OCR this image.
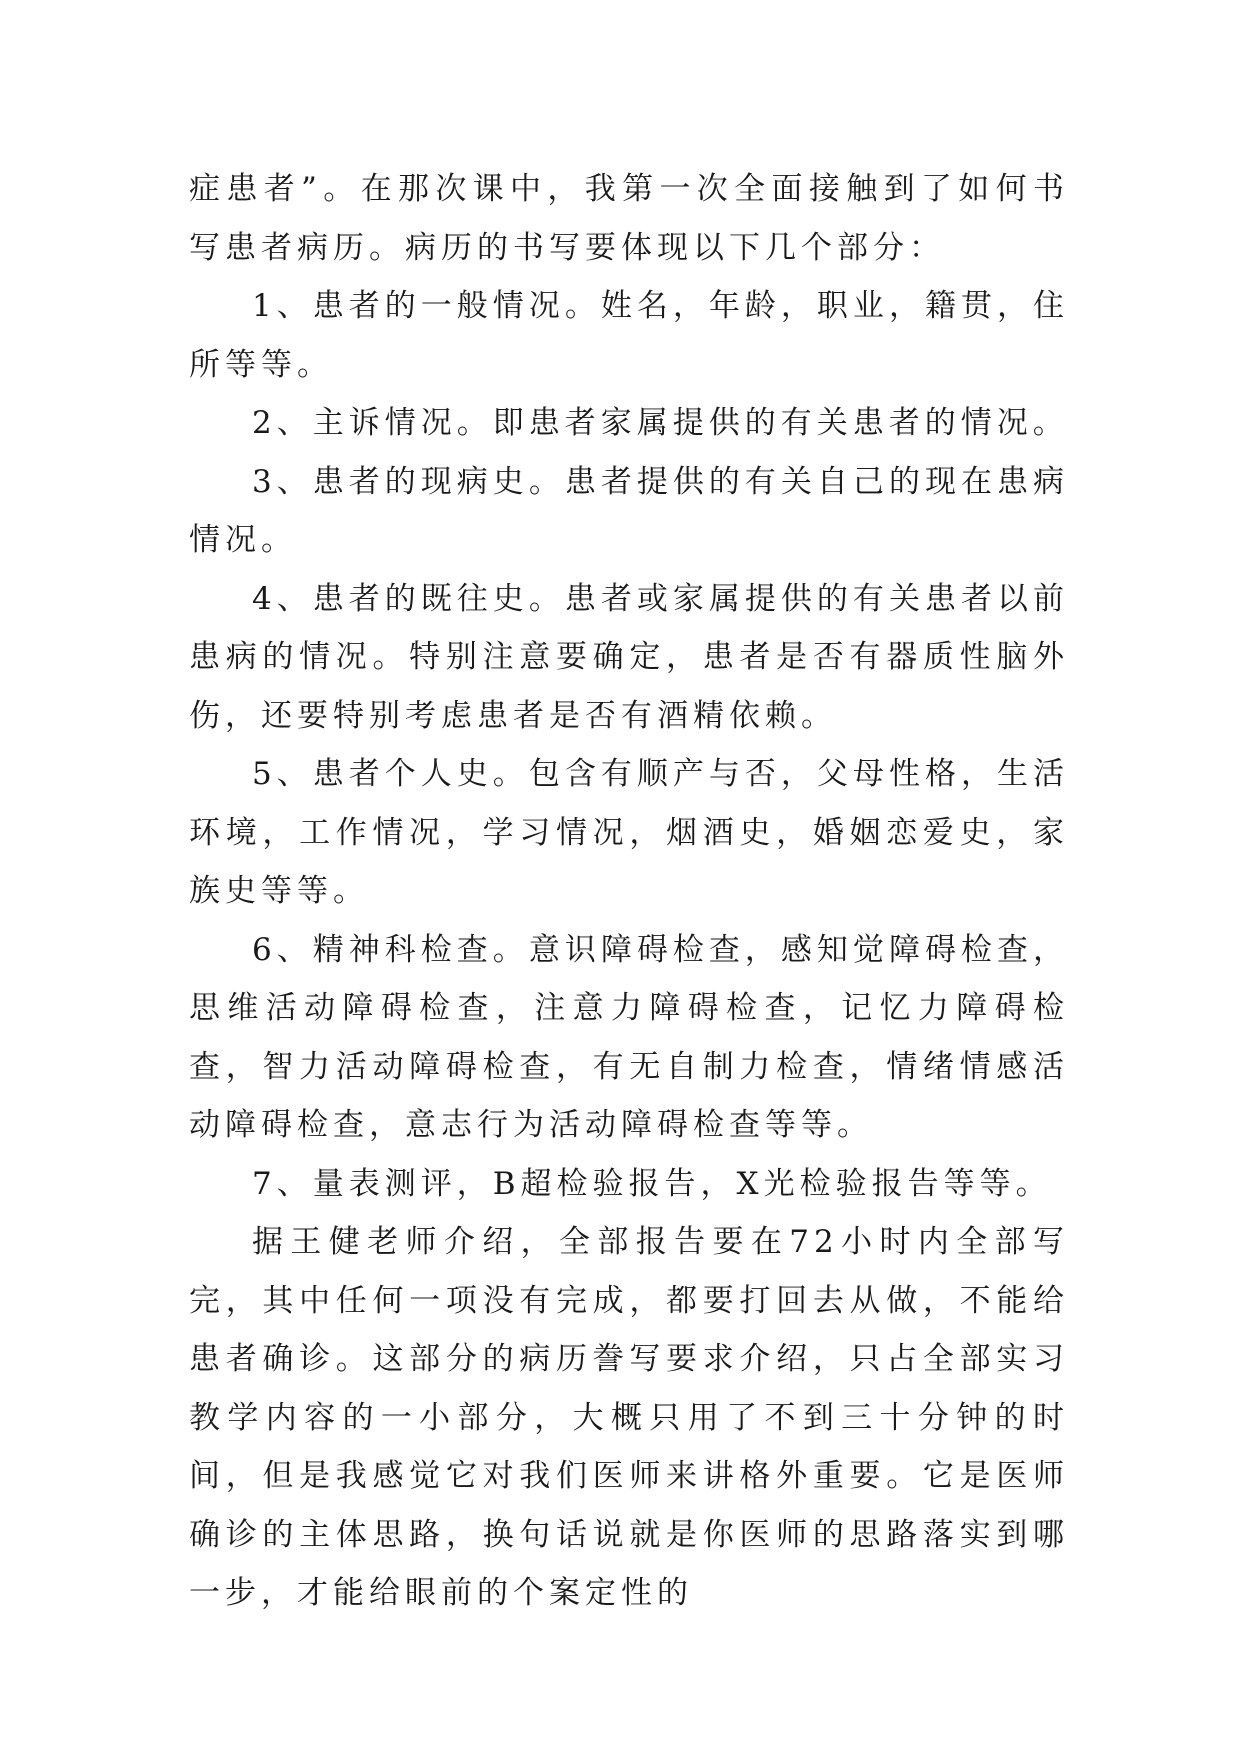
症患者”。在那次课中，我第一次全面接触到了如何书写患者病历。病历的书写要体现以下几个部分：

1、患者的一般情况。姓名，年龄，职业，籍贯，住所等等。

2、主诉情况。即患者家属提供的有关患者的情况。

3、患者的现病史。患者提供的有关自己的现在患病情况。

4、患者的既往史。患者或家属提供的有关患者以前患病的情况。特别注意要确定，患者是否有器质性脑外伤，还要特别考虑患者是否有酒精依赖。

5、患者个人史。包含有顺产与否，父母性格，生活环境，工作情况，学习情况，烟酒史，婚姻恋爱史，家族史等等。

6、精神科检查。意识障碍检查，感知觉障碍检查，思维活动障碍检查，注意力障碍检查，记忆力障碍检查，智力活动障碍检查，有无自制力检查，情绪情感活动障碍检查，意志行为活动障碍检查等等。

7、量表测评，B超检验报告，X光检验报告等等。

据王健老师介绍，全部报告要在72小时内全部写完，其中任何一项没有完成，都要打回去从做，不能给患者确诊。这部分的病历誊写要求介绍，只占全部实习教学内容的一小部分，大概只用了不到三十分钟的时间，但是我感觉它对我们医师来讲格外重要。它是医师确诊的主体思路，换句话说就是你医师的思路落实到哪一步，才能给眼前的个案定性的
